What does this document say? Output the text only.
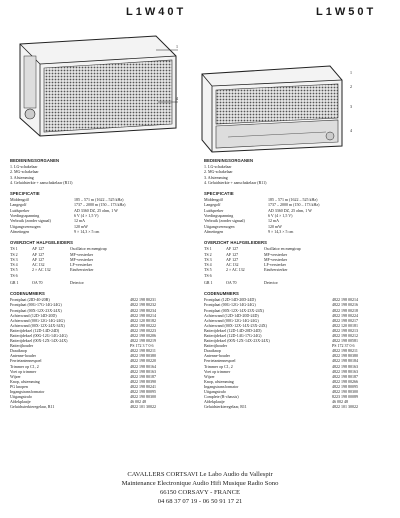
L1W40T	L1W50T
1
4
1
2
3
4
BEDIENINGSORGANEN
1. LG-schakelaar
2. MG-schakelaar
3. Afstemming
4. Geluidsterkte + aanschakelaar (R11)
SPECIFICATIE
Middengolf	185 – 571 m (1622 – 525 kHz)
Langegolf	1737 – 2000 m (150 – 173 kHz)
Luidspreker	AD 3360 DZ, 25 ohm, 1 W
Voedingsspanning	6 V (4 × 1,5 V)
Verbruik (zonder signaal)	12 mA
Uitgangsvermogen	120 mW
Afmetingen	9 × 14,3 × 5 cm
OVERZICHT HALFGELEIDERS
TS 1	AF 127	Oscillator en mengtrap
TS 2	AF 127	MF-versterker
TS 3	AF 127	MF-versterker
TS 4	AC 132	LF-versterker
TS 5	2 × AC 132	Eindversterker
TS 6
GR 1	OA 70	Detector
CODENUMMERS
Frontplaat (2ID-40-20B)	4822 198 80231
Frontplaat (00G-17G-14G-24G)	4822 198 80232
Frontplaat (00X-12X-23X-24X)	4822 198 80234
Achterwand (12D-14D-20D)	4822 198 00214
Achterwand (00G-12G-14G-24G)	4822 120 80182
Achterwand (00X-12X-24X-34X)	4822 198 00222
Batterijdeksel (12D-14D-24D)	4822 198 00223
Batterijdeksel (00G-12G-14G-24G)	4822 198 00206
Batterijdeksel (00X-12X-14X-24X)	4822 198 00219
Batterijhouder	PS 172 3 7 0 6
Draaiknop	4822 198 80211
Antenne-houder	4822 198 80380
Ferrietantennespoel	4822 198 00220
Trimmer op C1, 2	4822 198 80164
Voet op trimmer	4822 198 80163
Wijzer	4822 198 80187
Knop, afstemming	4822 198 80390
PG knopen	4822 198 80241
Ingangstransformator	4822 198 80095
Uitgangstrafo	4822 190 80300
Afdekplaatje	46 002 48
Geluidssterkteregelaar, R11	4822 101 30022
BEDIENINGSORGANEN
1. LG-schakelaar
2. MG-schakelaar
3. Afstemming
4. Geluidsterkte + aanschakelaar (R11)
SPECIFICATIE
Middengolf	185 – 571 m (1622 – 525 kHz)
Langegolf	1737 – 2000 m (150 – 173 kHz)
Luidspreker	AD 3360 DZ, 25 ohm, 1 W
Voedingsspanning	6 V (4 × 1,5 V)
Verbruik (zonder signaal)	12 mA
Uitgangsvermogen	120 mW
Afmetingen	9 × 14,3 × 5 cm
OVERZICHT HALFGELEIDERS
TS 1	AF 127	Oscillator en mengtrap
TS 2	AF 127	MF-versterker
TS 3	AF 127	MF-versterker
TS 4	AC 132	LF-versterker
TS 5	2 × AC 132	Eindversterker
TS 6
GR 1	OA 70	Detector
CODENUMMERS
Frontplaat (12D-14D-20D-24D)	4822 198 00214
Frontplaat (00G-12G-14G-24G)	4822 198 00216
Frontplaat (00X-12X-14X-23X-24X)	4822 198 00218
Achterwand (12D-14D-20D-24D)	4822 198 00224
Achterwand (00G-12G-14G-24G)	4822 198 00217
Achterwand (00X-12X-14X-23X-24X)	4822 120 00181
Batterijdeksel (12D-14D-20D-24D)	4822 198 00213
Batterijdeksel (12D-14G-17G-24G)	4822 198 00212
Batterijdeksel (00X-12X-14X-23X-24X)	4822 198 00581
Batterijhouder	PS 172 37 0 6
Draaiknop	4822 198 80211
Antenne-houder	4822 198 80380
Ferrietantennespoel	4822 198 80184
Trimmer op C1, 2	4822 198 80163
Voet op trimmer	4822 198 80163
Wijzer	4822 198 80187
Knop, afstemming	4822 198 00266
Ingangstransformator	4822 198 80095
Uitgangstrafo	4822 190 80300
Complete (R-chassis)	8223 198 00089
Afdekplaatje	46 002 48
Geluidsterkteregelaar, R11	4822 101 30022
CAVALLERS CORTSAVI Le Labo Audio du Vallespir
Maintenance Electronique Audio Hifi Musique Radio Sono
66150 CORSAVY - FRANCE
04 68 37 07 19 - 06 50 91 17 21
